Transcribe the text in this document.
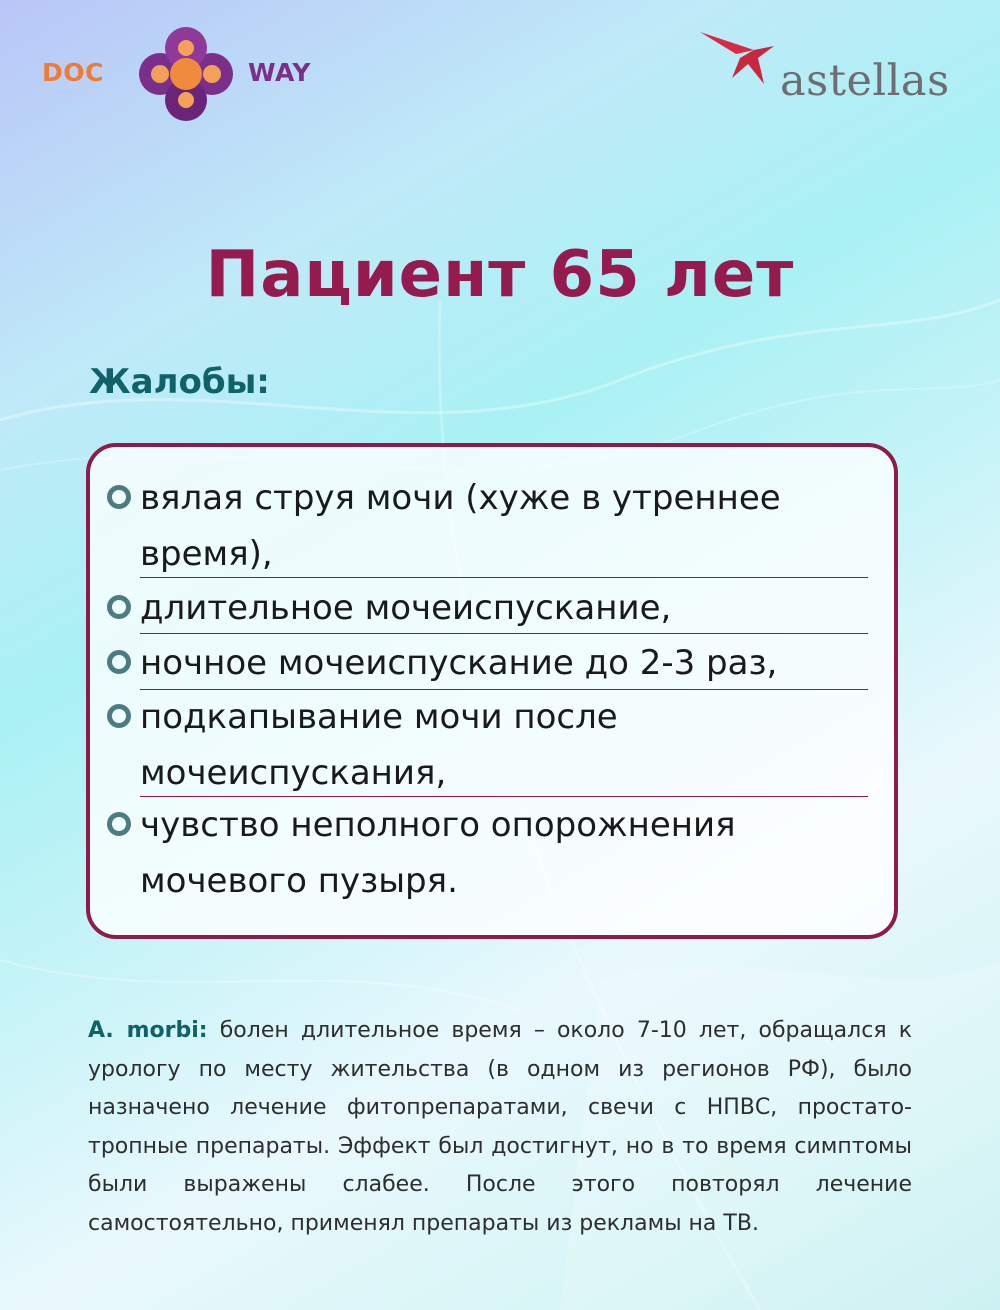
DOC	WAY	astellas
Пациент 65 лет
Жалобы:
вялая струя мочи (хуже в утреннее
время),
длительное мочеиспускание,
ночное мочеиспускание до 2-3 раз,
подкапывание мочи после
мочеиспускания,
чувство неполного опорожнения
мочевого пузыря.

A. morbi: болен длительное время – около 7-10 лет, обращался к урологу по месту жительства (в одном из регионов РФ), было назначено лечение фитопрепаратами, свечи с НПВС, простато-тропные препараты. Эффект был достигнут, но в то время симптомы были выражены слабее. После этого повторял лечение самостоятельно, применял препараты из рекламы на ТВ.
